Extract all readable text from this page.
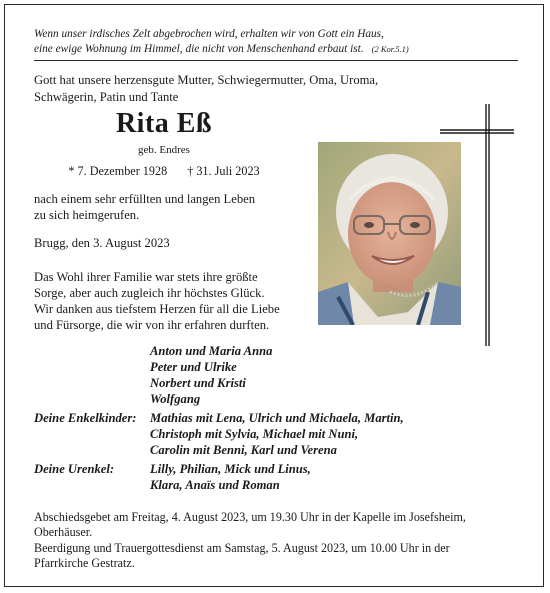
Wenn unser irdisches Zelt abgebrochen wird, erhalten wir von Gott ein Haus,
eine ewige Wohnung im Himmel, die nicht von Menschenhand erbaut ist. (2 Kor.5.1)
Gott hat unsere herzensgute Mutter, Schwiegermutter, Oma, Uroma,
Schwägerin, Patin und Tante
Rita Eß
geb. Endres
* 7. Dezember 1928 † 31. Juli 2023
nach einem sehr erfüllten und langen Leben
zu sich heimgerufen.
Brugg, den 3. August 2023
Das Wohl ihrer Familie war stets ihre größte
Sorge, aber auch zugleich ihr höchstes Glück.
Wir danken aus tiefstem Herzen für all die Liebe
und Fürsorge, die wir von ihr erfahren durften.
Anton und Maria Anna
Peter und Ulrike
Norbert und Kristi
Wolfgang
Deine Enkelkinder: Mathias mit Lena, Ulrich und Michaela, Martin,
Christoph mit Sylvia, Michael mit Nuni,
Carolin mit Benni, Karl und Verena
Deine Urenkel:	Lilly, Philian, Mick und Linus,
Klara, Anaïs und Roman
Abschiedsgebet am Freitag, 4. August 2023, um 19.30 Uhr in der Kapelle im Josefsheim,
Oberhäuser.
Beerdigung und Trauergottesdienst am Samstag, 5. August 2023, um 10.00 Uhr in der
Pfarrkirche Gestratz.
